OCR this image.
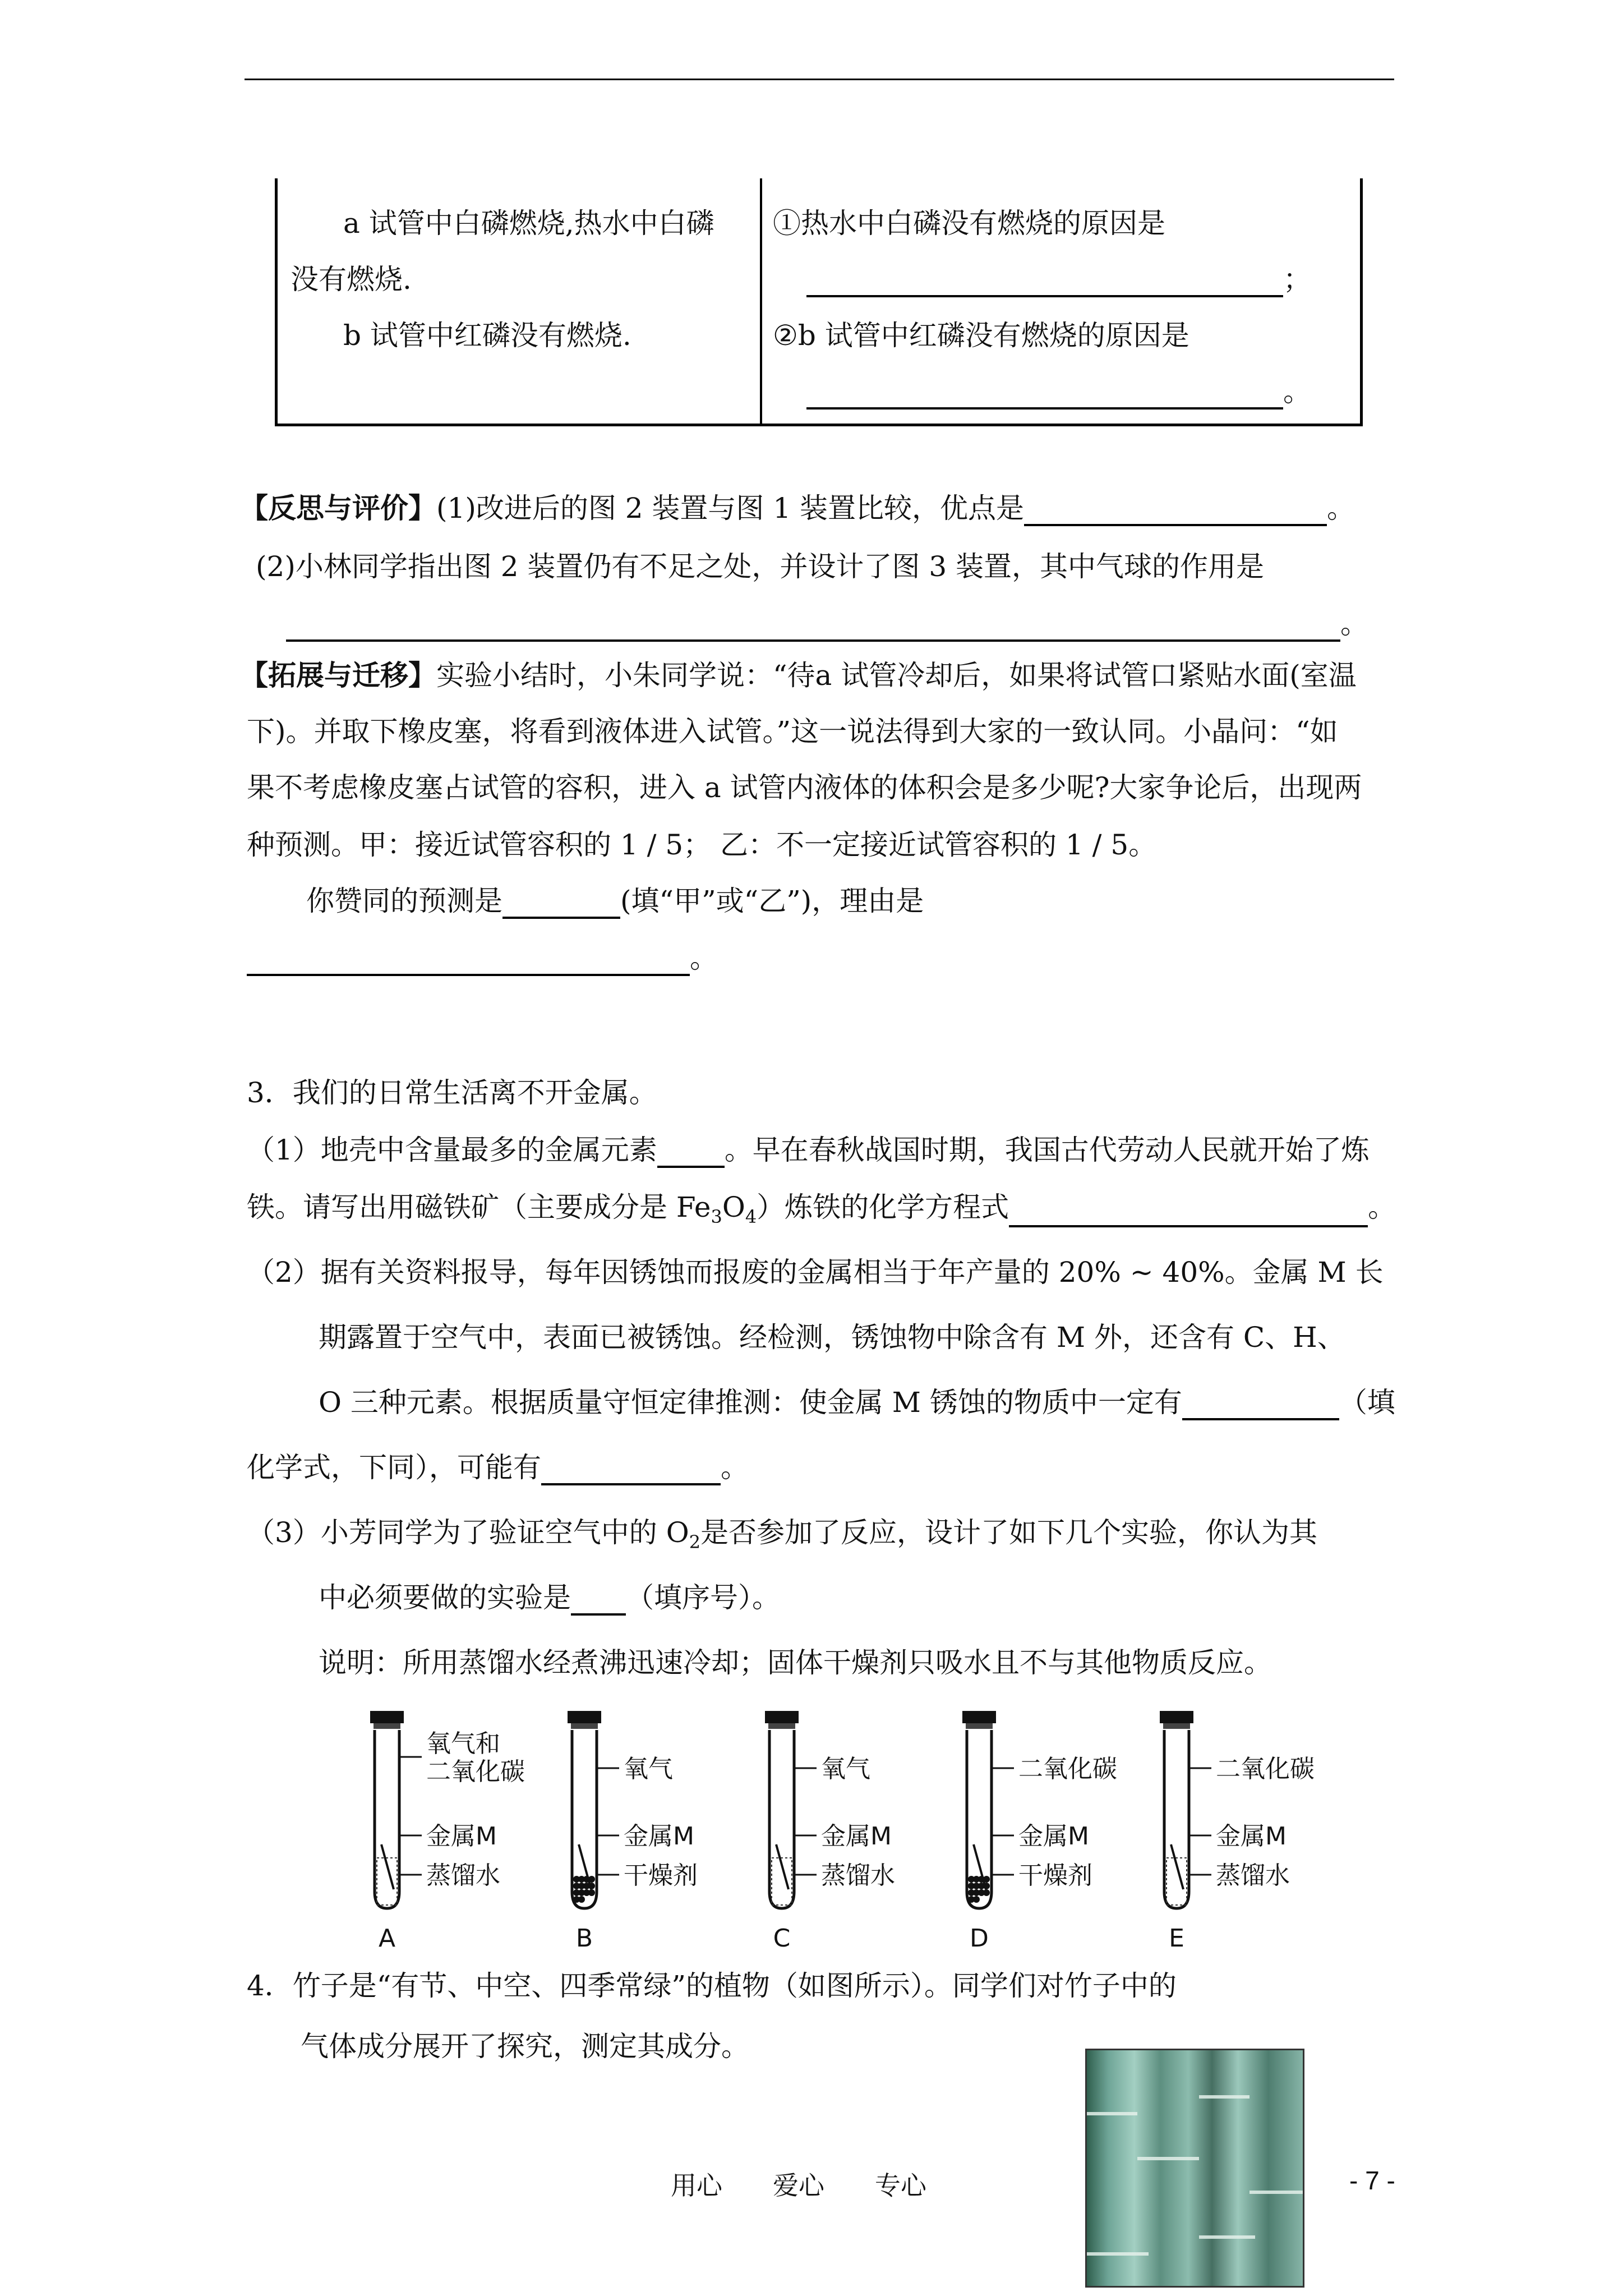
a 试管中白磷燃烧,热水中白磷
没有燃烧.
b 试管中红磷没有燃烧.
①热水中白磷没有燃烧的原因是
；
②b 试管中红磷没有燃烧的原因是
。
【反思与评价】(1)改进后的图 2 装置与图 1 装置比较，优点是	。
(2)小林同学指出图 2 装置仍有不足之处，并设计了图 3 装置，其中气球的作用是
。
【拓展与迁移】实验小结时，小朱同学说：“待a 试管冷却后，如果将试管口紧贴水面(室温
下)。并取下橡皮塞，将看到液体进入试管。”这一说法得到大家的一致认同。小晶问：“如
果不考虑橡皮塞占试管的容积，进入 a 试管内液体的体积会是多少呢?大家争论后，出现两
种预测。甲：接近试管容积的 1 / 5； 乙：不一定接近试管容积的 1 / 5。
你赞同的预测是	(填“甲”或“乙”)，理由是
。
3．我们的日常生活离不开金属。
（1）地壳中含量最多的金属元素 。早在春秋战国时期，我国古代劳动人民就开始了炼
铁。请写出用磁铁矿（主要成分是 $Fe_3O_4$）炼铁的化学方程式	。
（2）据有关资料报导，每年因锈蚀而报废的金属相当于年产量的 20% ~ 40%。金属 M 长
期露置于空气中，表面已被锈蚀。经检测，锈蚀物中除含有 M 外，还含有 C、H、
O 三种元素。根据质量守恒定律推测：使金属 M 锈蚀的物质中一定有	（填
化学式，下同），可能有	。
（3）小芳同学为了验证空气中的 $O_2$是否参加了反应，设计了如下几个实验，你认为其
中必须要做的实验是 （填序号）。
说明：所用蒸馏水经煮沸迅速冷却；固体干燥剂只吸水且不与其他物质反应。
氧气和
二氧化碳
金属M
蒸馏水
A
氧气
金属M
干燥剂
B
氧气
金属M
蒸馏水
C
二氧化碳
金属M
干燥剂
D
二氧化碳
金属M
蒸馏水
E
4．竹子是“有节、中空、四季常绿”的植物（如图所示）。同学们对竹子中的
气体成分展开了探究，测定其成分。
用心 爱心 专心	- 7 -
